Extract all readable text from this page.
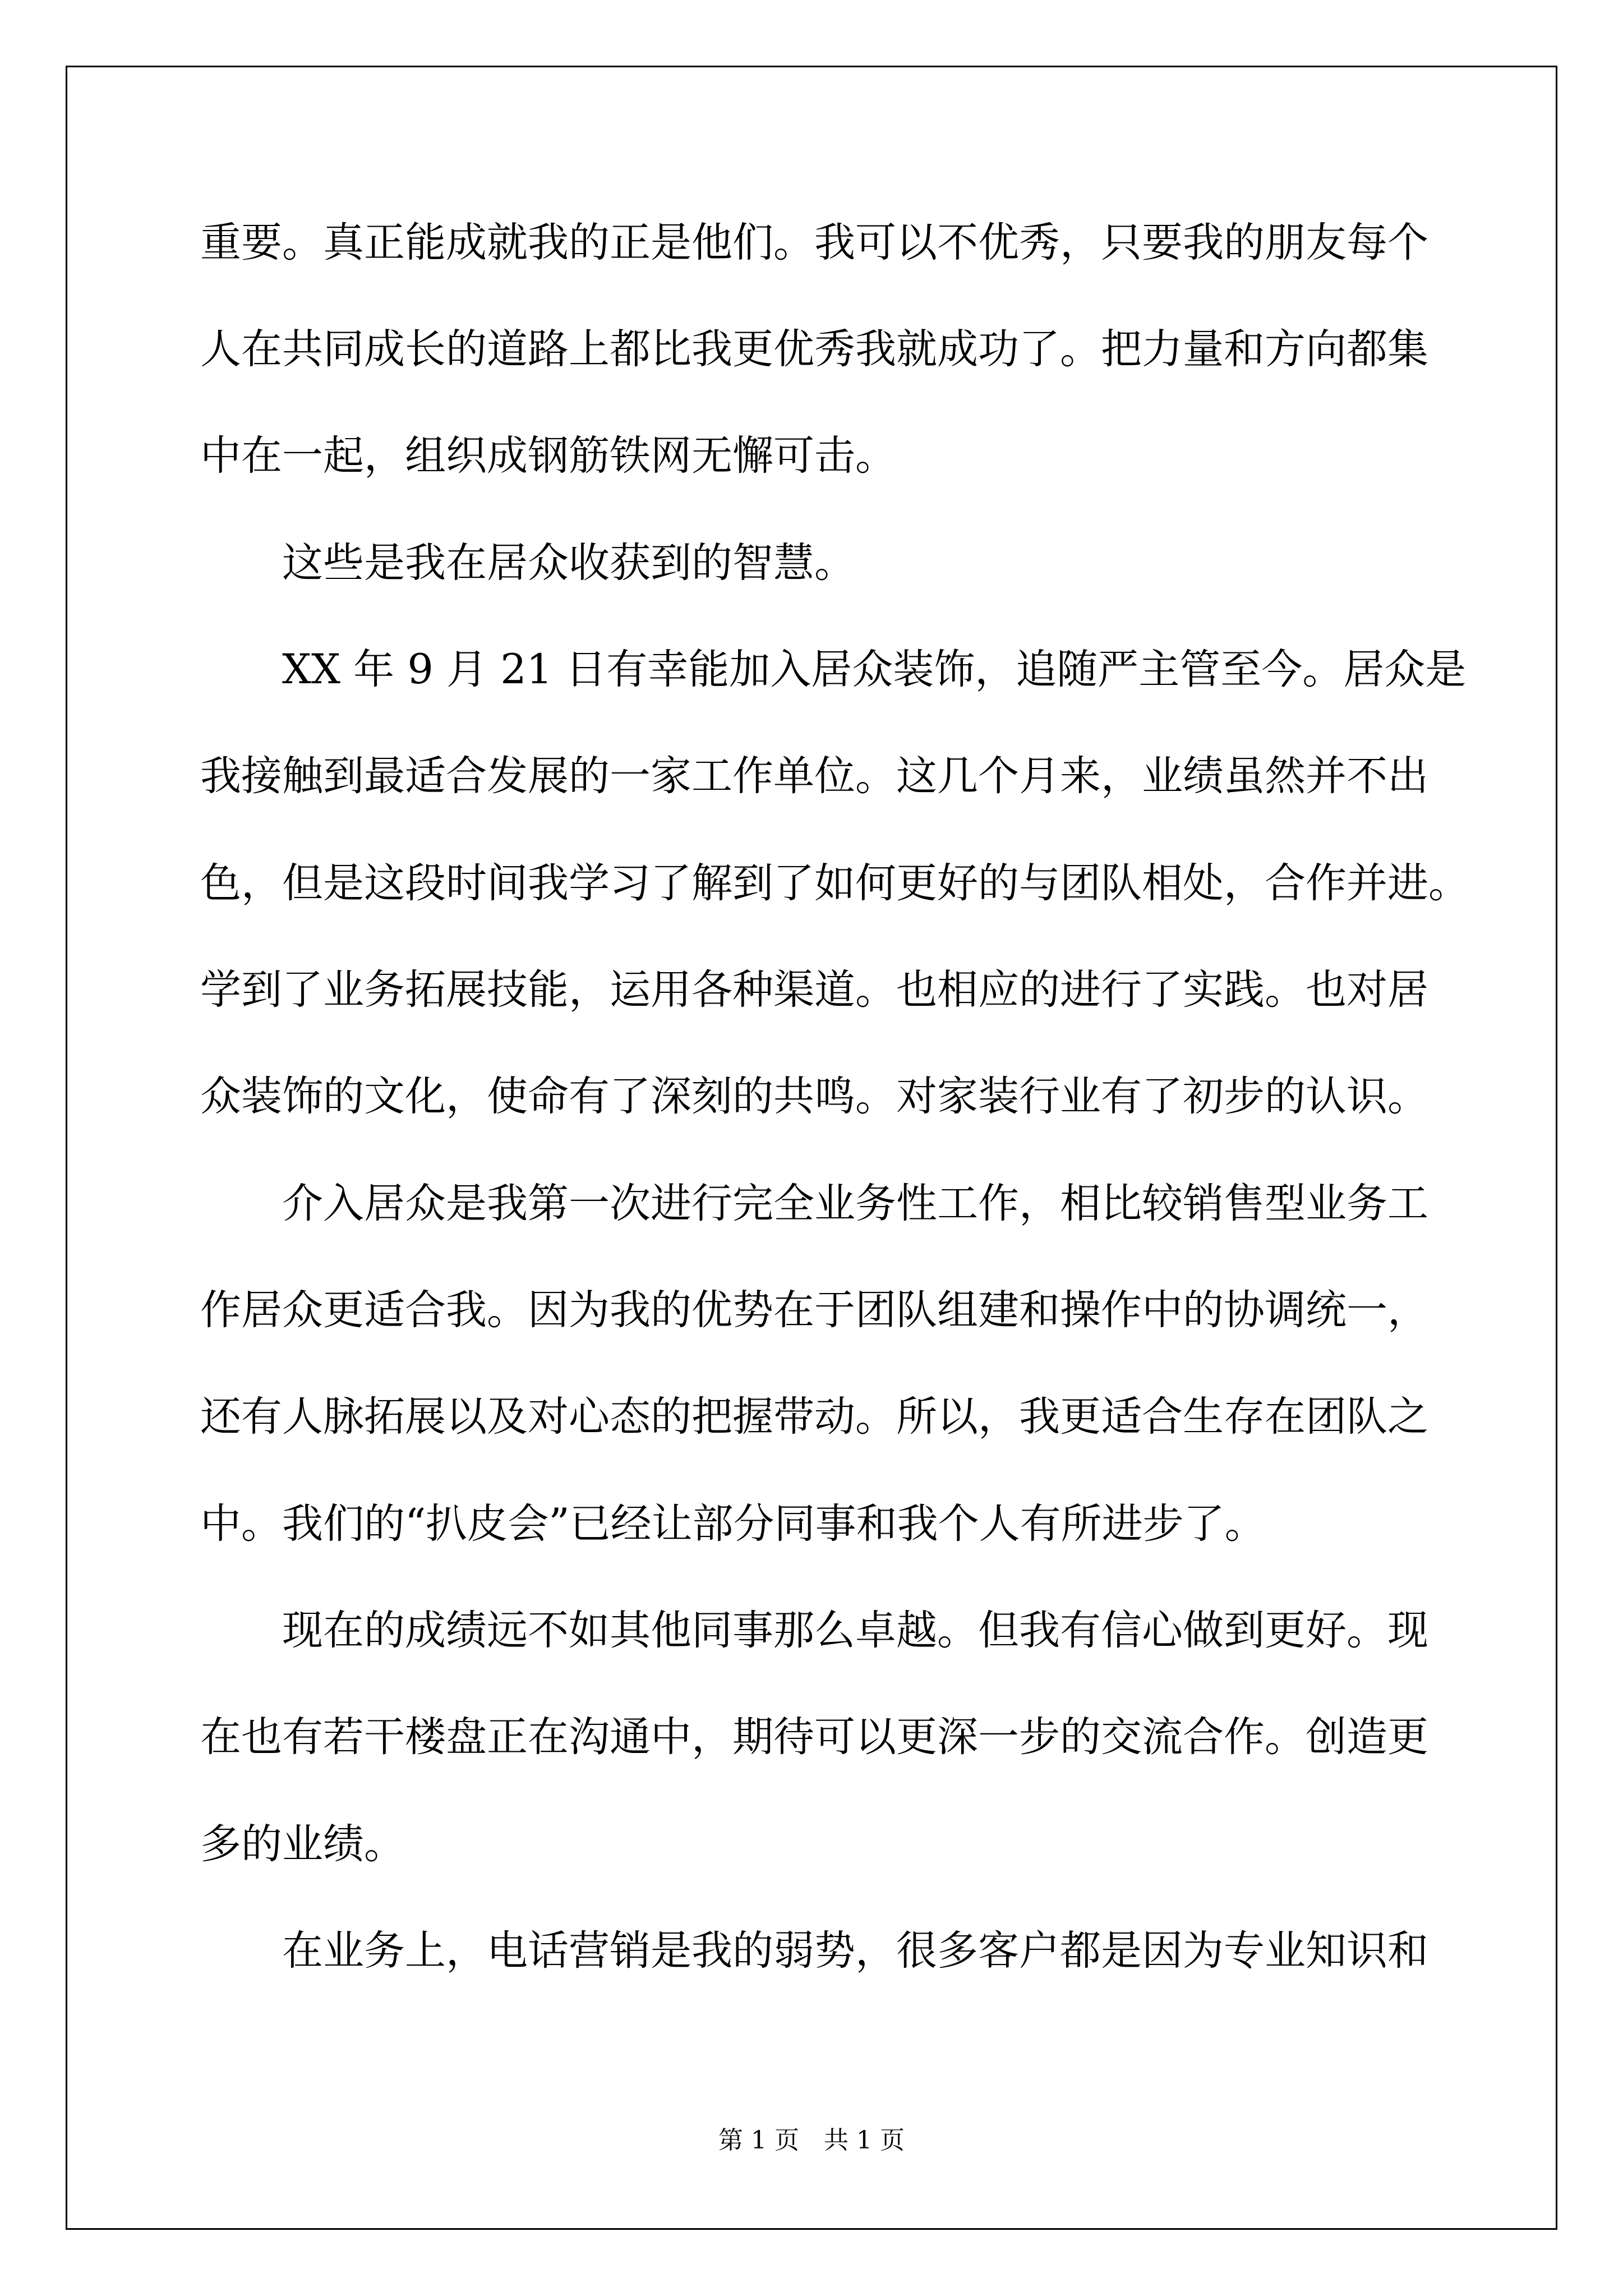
重要。真正能成就我的正是他们。我可以不优秀，只要我的朋友每个
人在共同成长的道路上都比我更优秀我就成功了。把力量和方向都集
中在一起，组织成钢筋铁网无懈可击。
　　这些是我在居众收获到的智慧。
　　XX 年 9 月 21 日有幸能加入居众装饰，追随严主管至今。居众是
我接触到最适合发展的一家工作单位。这几个月来，业绩虽然并不出
色，但是这段时间我学习了解到了如何更好的与团队相处，合作并进。
学到了业务拓展技能，运用各种渠道。也相应的进行了实践。也对居
众装饰的文化，使命有了深刻的共鸣。对家装行业有了初步的认识。
　　介入居众是我第一次进行完全业务性工作，相比较销售型业务工
作居众更适合我。因为我的优势在于团队组建和操作中的协调统一，
还有人脉拓展以及对心态的把握带动。所以，我更适合生存在团队之
中。我们的“扒皮会”已经让部分同事和我个人有所进步了。
　　现在的成绩远不如其他同事那么卓越。但我有信心做到更好。现
在也有若干楼盘正在沟通中，期待可以更深一步的交流合作。创造更
多的业绩。
　　在业务上，电话营销是我的弱势，很多客户都是因为专业知识和
第 1 页　共 1 页
